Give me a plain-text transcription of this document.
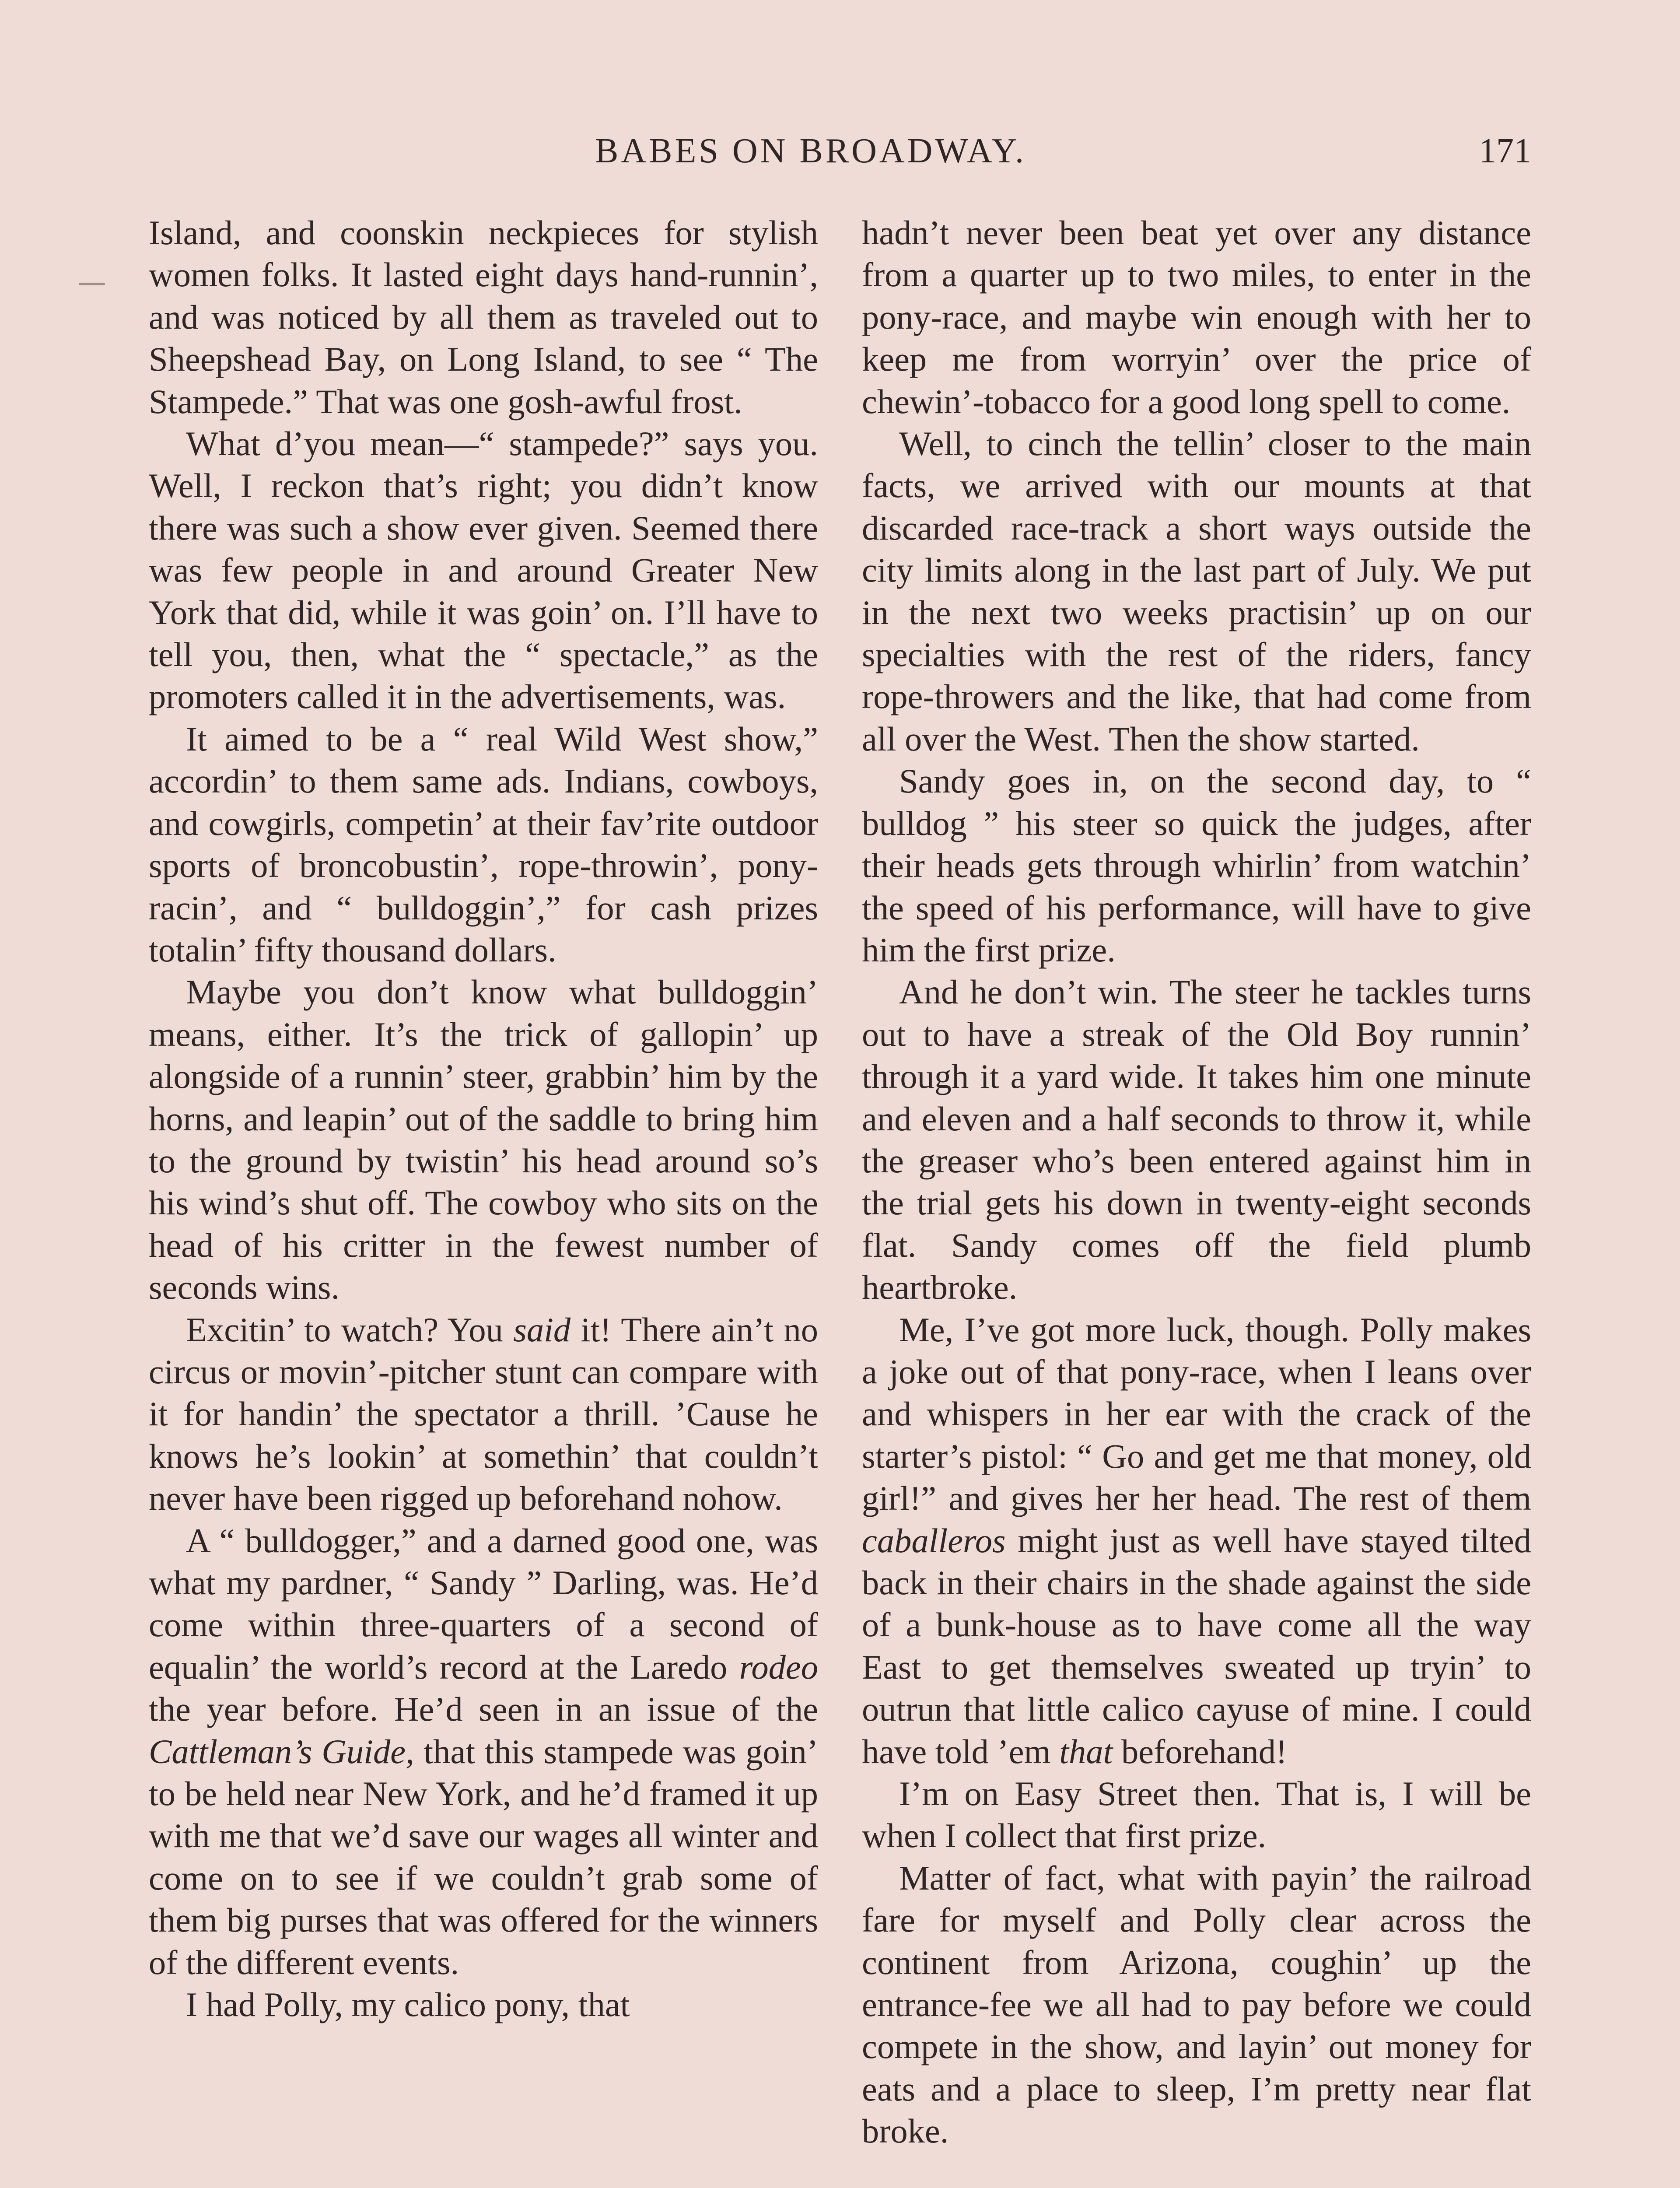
BABES ON BROADWAY.	171

Island, and coonskin neckpieces for stylish women folks. It lasted eight days hand-runnin’, and was noticed by all them as traveled out to Sheepshead Bay, on Long Island, to see “ The Stampede.” That was one gosh-awful frost.

What d’you mean—“ stampede?” says you. Well, I reckon that’s right; you didn’t know there was such a show ever given. Seemed there was few people in and around Greater New York that did, while it was goin’ on. I’ll have to tell you, then, what the “ spectacle,” as the promoters called it in the advertisements, was.

It aimed to be a “ real Wild West show,” accordin’ to them same ads. Indians, cowboys, and cowgirls, competin’ at their fav’rite outdoor sports of broncobustin’, rope-throwin’, pony-racin’, and “ bulldoggin’,” for cash prizes totalin’ fifty thousand dollars.

Maybe you don’t know what bulldoggin’ means, either. It’s the trick of gallopin’ up alongside of a runnin’ steer, grabbin’ him by the horns, and leapin’ out of the saddle to bring him to the ground by twistin’ his head around so’s his wind’s shut off. The cowboy who sits on the head of his critter in the fewest number of seconds wins.

Excitin’ to watch? You said it! There ain’t no circus or movin’-pitcher stunt can compare with it for handin’ the spectator a thrill. ’Cause he knows he’s lookin’ at somethin’ that couldn’t never have been rigged up beforehand nohow.

A “ bulldogger,” and a darned good one, was what my pardner, “ Sandy ” Darling, was. He’d come within three-quarters of a second of equalin’ the world’s record at the Laredo rodeo the year before. He’d seen in an issue of the Cattleman’s Guide, that this stampede was goin’ to be held near New York, and he’d framed it up with me that we’d save our wages all winter and come on to see if we couldn’t grab some of them big purses that was offered for the winners of the different events.

I had Polly, my calico pony, that

hadn’t never been beat yet over any distance from a quarter up to two miles, to enter in the pony-race, and maybe win enough with her to keep me from worryin’ over the price of chewin’-tobacco for a good long spell to come.

Well, to cinch the tellin’ closer to the main facts, we arrived with our mounts at that discarded race-track a short ways outside the city limits along in the last part of July. We put in the next two weeks practisin’ up on our specialties with the rest of the riders, fancy rope-throwers and the like, that had come from all over the West. Then the show started.

Sandy goes in, on the second day, to “ bulldog ” his steer so quick the judges, after their heads gets through whirlin’ from watchin’ the speed of his performance, will have to give him the first prize.

And he don’t win. The steer he tackles turns out to have a streak of the Old Boy runnin’ through it a yard wide. It takes him one minute and eleven and a half seconds to throw it, while the greaser who’s been entered against him in the trial gets his down in twenty-eight seconds flat. Sandy comes off the field plumb heartbroke.

Me, I’ve got more luck, though. Polly makes a joke out of that pony-race, when I leans over and whispers in her ear with the crack of the starter’s pistol: “ Go and get me that money, old girl!” and gives her her head. The rest of them caballeros might just as well have stayed tilted back in their chairs in the shade against the side of a bunk-house as to have come all the way East to get themselves sweated up tryin’ to outrun that little calico cayuse of mine. I could have told ’em that beforehand!

I’m on Easy Street then. That is, I will be when I collect that first prize.

Matter of fact, what with payin’ the railroad fare for myself and Polly clear across the continent from Arizona, coughin’ up the entrance-fee we all had to pay before we could compete in the show, and layin’ out money for eats and a place to sleep, I’m pretty near flat broke.
